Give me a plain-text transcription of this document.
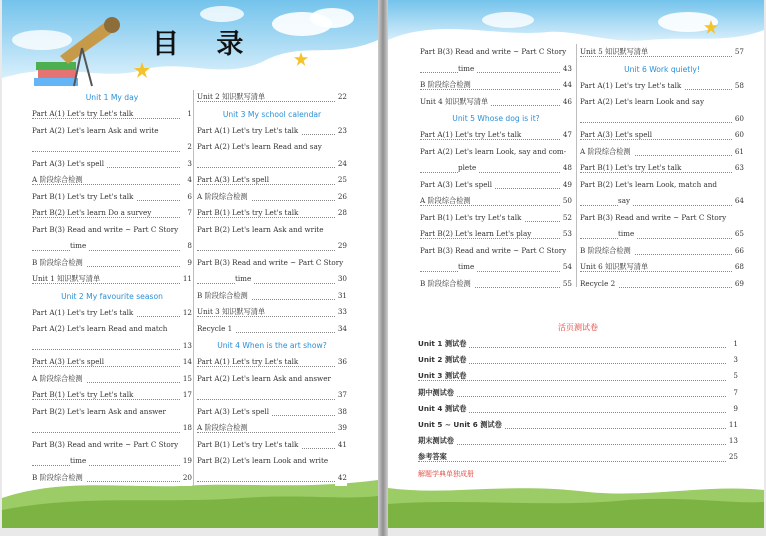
目 录
Unit 1 My day
Part A(1) Let's try Let's talk	1
Part A(2) Let's learn Ask and write
2
Part A(3) Let's spell	3
A 阶段综合检测	4
Part B(1) Let's try Let's talk	6
Part B(2) Let's learn Do a survey	7
Part B(3) Read and write ~ Part C Story
time	8
B 阶段综合检测	9
Unit 1 知识默写清单	11
Unit 2 My favourite season
Part A(1) Let's try Let's talk	12
Part A(2) Let's learn Read and match
13
Part A(3) Let's spell	14
A 阶段综合检测	15
Part B(1) Let's try Let's talk	17
Part B(2) Let's learn Ask and answer
18
Part B(3) Read and write ~ Part C Story
time	19
B 阶段综合检测	20
Unit 2 知识默写清单	22
Unit 3 My school calendar
Part A(1) Let's try Let's talk	23
Part A(2) Let's learn Read and say
24
Part A(3) Let's spell	25
A 阶段综合检测	26
Part B(1) Let's try Let's talk	28
Part B(2) Let's learn Ask and write
29
Part B(3) Read and write ~ Part C Story
time	30
B 阶段综合检测	31
Unit 3 知识默写清单	33
Recycle 1	34
Unit 4 When is the art show?
Part A(1) Let's try Let's talk	36
Part A(2) Let's learn Ask and answer
37
Part A(3) Let's spell	38
A 阶段综合检测	39
Part B(1) Let's try Let's talk	41
Part B(2) Let's learn Look and write
42
Part B(3) Read and write ~ Part C Story
time	43
B 阶段综合检测	44
Unit 4 知识默写清单	46
Unit 5 Whose dog is it?
Part A(1) Let's try Let's talk	47
Part A(2) Let's learn Look, say and com-
plete	48
Part A(3) Let's spell	49
A 阶段综合检测	50
Part B(1) Let's try Let's talk	52
Part B(2) Let's learn Let's play	53
Part B(3) Read and write ~ Part C Story
time	54
B 阶段综合检测	55
Unit 5 知识默写清单	57
Unit 6 Work quietly!
Part A(1) Let's try Let's talk	58
Part A(2) Let's learn Look and say
60
Part A(3) Let's spell	60
A 阶段综合检测	61
Part B(1) Let's try Let's talk	63
Part B(2) Let's learn Look, match and
say	64
Part B(3) Read and write ~ Part C Story
time	65
B 阶段综合检测	66
Unit 6 知识默写清单	68
Recycle 2	69
活页测试卷
Unit 1 测试卷	1
Unit 2 测试卷	3
Unit 3 测试卷	5
期中测试卷	7
Unit 4 测试卷	9
Unit 5 ~ Unit 6 测试卷	11
期末测试卷	13
参考答案	25
解题学典单独成册
